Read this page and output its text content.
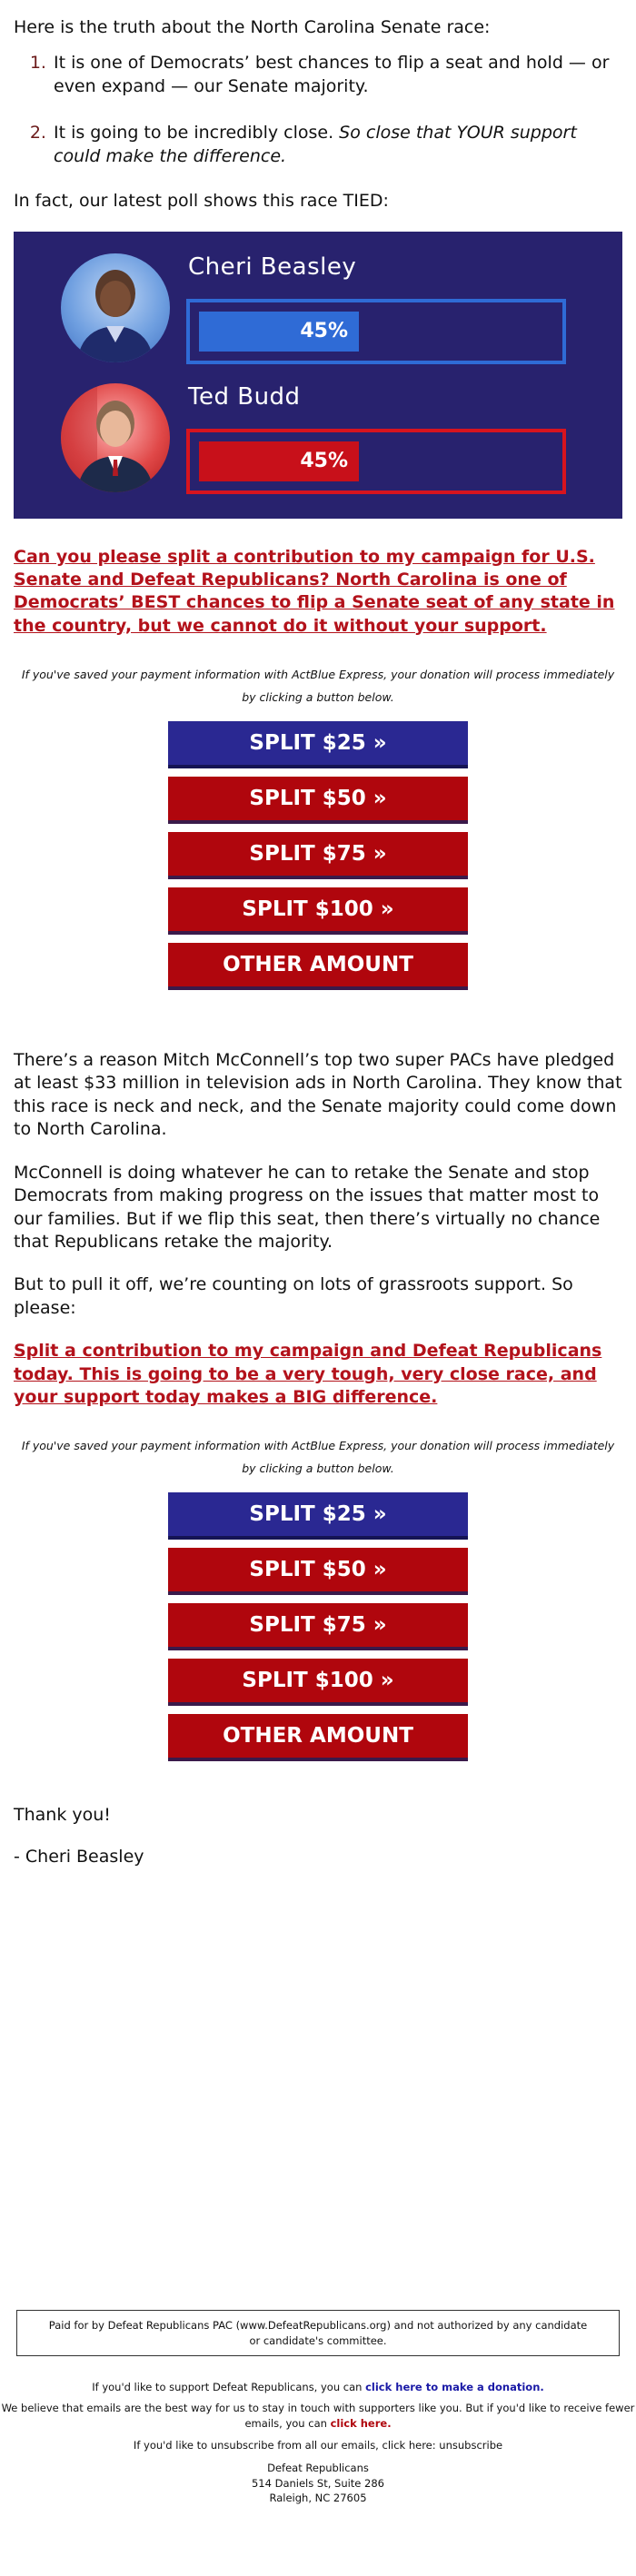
Here is the truth about the North Carolina Senate race:

1. It is one of Democrats’ best chances to flip a seat and hold — or even expand — our Senate majority.
2. It is going to be incredibly close. So close that YOUR support could make the difference.

In fact, our latest poll shows this race TIED:

Cheri Beasley
45%
Ted Budd
45%

Can you please split a contribution to my campaign for U.S. Senate and Defeat Republicans? North Carolina is one of Democrats’ BEST chances to flip a Senate seat of any state in the country, but we cannot do it without your support.

If you've saved your payment information with ActBlue Express, your donation will process immediately by clicking a button below.

SPLIT $25 »
SPLIT $50 »
SPLIT $75 »
SPLIT $100 »
OTHER AMOUNT

There’s a reason Mitch McConnell’s top two super PACs have pledged at least $33 million in television ads in North Carolina. They know that this race is neck and neck, and the Senate majority could come down to North Carolina.

McConnell is doing whatever he can to retake the Senate and stop Democrats from making progress on the issues that matter most to our families. But if we flip this seat, then there’s virtually no chance that Republicans retake the majority.

But to pull it off, we’re counting on lots of grassroots support. So please:

Split a contribution to my campaign and Defeat Republicans today. This is going to be a very tough, very close race, and your support today makes a BIG difference.

If you've saved your payment information with ActBlue Express, your donation will process immediately by clicking a button below.

SPLIT $25 »
SPLIT $50 »
SPLIT $75 »
SPLIT $100 »
OTHER AMOUNT

Thank you!

- Cheri Beasley

Paid for by Defeat Republicans PAC (www.DefeatRepublicans.org) and not authorized by any candidate or candidate's committee.

If you'd like to support Defeat Republicans, you can click here to make a donation.

We believe that emails are the best way for us to stay in touch with supporters like you. But if you'd like to receive fewer emails, you can click here.

If you'd like to unsubscribe from all our emails, click here: unsubscribe

Defeat Republicans

514 Daniels St, Suite 286

Raleigh, NC 27605
